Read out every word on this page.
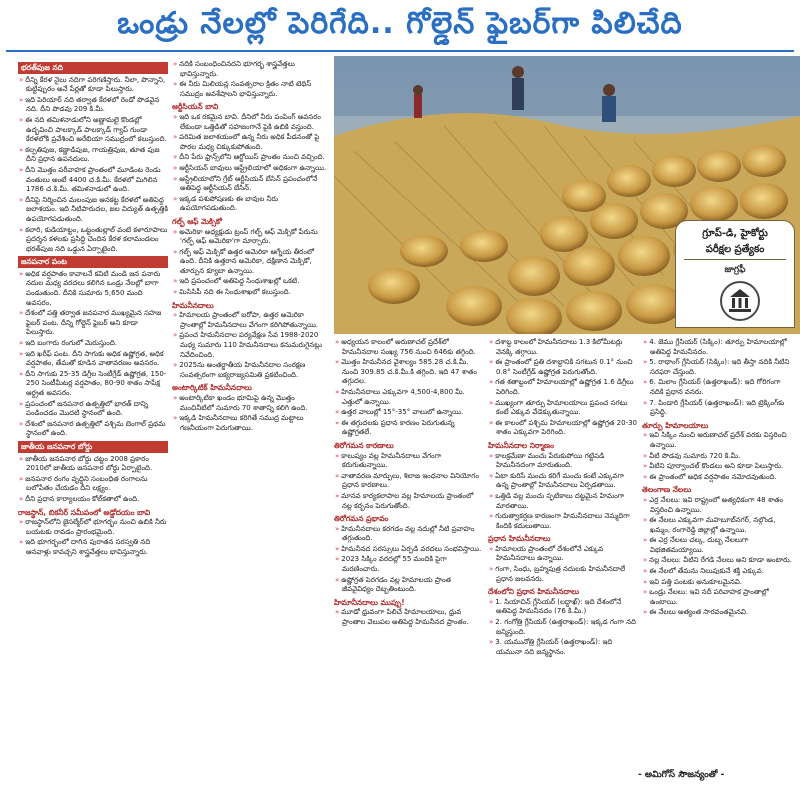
ఒండ్రు నేలల్లో పెరిగేది.. గోల్డెన్ ఫైబర్‌గా పిలిచేది
భరత్‌పుజ నది

» దీన్ని కేరళ నైలు నదిగా పరిగణిస్తారు. నీలా, పొన్నాని, కుట్టిప్పురం అనే పేర్లతో కూడా పిలుస్తారు.

» ఇది పెరియార్ నది తర్వాత కేరళలో రెండో పొడవైన నది. దీని పొడవు 209 కి.మీ.

» ఈ నది తమిళనాడులోని అణ్ణామలై కొండల్లో ఉద్భవించి పాలక్కాడ్ పాలక్కాడ్ గ్యాప్ గుండా కేరళలోకి ప్రవేశించి అరేబియా సముద్రంలో కలుస్తుంది.

» కల్పతిపుజ, కణ్ణాడిపుజ, గాయత్రిపుజ, తూత పుజ దీని ప్రధాన ఉపనదులు.

» దీని మొత్తం పరీవాహక ప్రాంతంలో మూడింట రెండు వంతులు అంటే 4400 చ.కి.మీ. కేరళలో మిగిలిన 1786 చ.కి.మీ. తమిళనాడులో ఉంది.

» దీనిపై నిర్మించిన మలంపుజ ఆనకట్ట కేరళలో అతిపెద్ద జలాశయం. ఇది నీటిపారుదల, జల విద్యుత్ ఉత్పత్తికి ఉపయోగపడుతుంది.

» కలారి, కుడియాట్టం, ఒట్టంతుల్లాల్ వంటి కళారూపాలు ప్రదర్శన కళలకు ప్రసిద్ధి చెందిన కేరళ కలామండలం భరత్‌పుజ నది ఒడ్డున ఏర్పాటైంది.

జనపనార పంట

» అధిక వర్షపాతం కావాలనే కవిటి మండి జన పనారు నదుల మధ్య వరదలు కలిగిన ఒండ్రు నేలల్లో బాగా పండుతుంది. దీనికి సుమారు 5,650 మంది అవసరం.

» దేశంలో పత్తి తర్వాత జనపనార ముఖ్యమైన సహజ ఫైబర్ పంట. దీన్ని గోల్డెన్ ఫైబర్ అని కూడా పిలుస్తారు.

» ఇది బంగారు రంగులో మెరుస్తుంది.

» ఇది ఖరీఫ్ పంట. దీని సాగుకు అధిక ఉష్ణోగ్రత, అధిక వర్షపాతం, తేమతో కూడిన వాతావరణం అవసరం.

» దీని సాగుకు 25-35 డిగ్రీల సెంటీగ్రేడ్ ఉష్ణోగ్రత, 150-250 సెంటీమీటర్ల వర్షపాతం, 80-90 శాతం సాపేక్ష ఆర్ద్రత అవసరం.

» ప్రపంచంలో జనపనార ఉత్పత్తిలో భారత్ దాన్ని పండించడం మొదటి స్థానంలో ఉంది.

» దేశంలో జనపనార ఉత్పత్తిలో పశ్చిమ బెంగాల్ ప్రథమ స్థానంలో ఉంది.

జాతీయ జనపనార బోర్డు

» జాతీయ జనపనార బోర్డు చట్టం 2008 ప్రకారం 2010లో జాతీయ జనపనార బోర్డు ఏర్పాటైంది.

» జనపనార రంగం వృద్ధిని సంబంధిత రంగాలను బలోపేతం చేయడం దీని లక్ష్యం.

» దీని ప్రధాన కార్యాలయం కోల్‌కతాలో ఉంది.

రాజస్థాన్, బికనీర్ సమీపంలో అడ్డోదయం బావి

» రాజస్థాన్‌లోని జైసల్మేర్‌లో భూగర్భం నుంచి ఉబికి నీరు బయటకు రావడం ప్రారంభమైంది.

» ఇది భూగర్భంలో దాగిన పురాతన సరస్వతి నది ఆనవాళ్లు కావచ్చని శాస్త్రవేత్తలు భావిస్తున్నారు.

» నదికి సంబంధించినదని భూగర్భ శాస్త్రవేత్తలు భావిస్తున్నారు.

» ఈ నీరు మిలియన్ల సంవత్సరాల క్రితం నాటి టెథిస్ సముద్రం అవశేషాలని భావిస్తున్నారు.

ఆర్టీసియన్ బావి

» ఇది ఒక రకమైన బావి. దీనిలో నీరు పంపింగ్ అవసరం లేకుండా ఒత్తిడితో సహజంగానే పైకి ఉబికి వస్తుంది.

» పరిమిత జలాశయంలో ఉన్న నీరు అధిక పీడనంతో పై పొరల మధ్య చిక్కుకుపోతుంది.

» దీని పేరు ఫ్రాన్స్‌లోని ఆర్టోయిస్ ప్రాంతం నుంచి వచ్చింది.

» ఆర్టీసియన్ బావులు ఆస్ట్రేలియాలో అధికంగా ఉన్నాయి.

» ఆస్ట్రేలియాలోని గ్రేట్ ఆర్టీసియన్ బేసిన్ ప్రపంచంలోనే అతిపెద్ద ఆర్టీసియన్ బేసిన్.

» ఇక్కడ పశుపోషణకు ఈ బావుల నీరు ఉపయోగపడుతుంది.

గల్ఫ్ ఆఫ్ మెక్సికో

» అమెరికా అధ్యక్షుడు ట్రంప్ గల్ఫ్ ఆఫ్ మెక్సికో పేరును 'గల్ఫ్ ఆఫ్ అమెరికా'గా మార్చారు.

» గల్ఫ్ ఆఫ్ మెక్సికో ఉత్తర అమెరికా ఆగ్నేయ తీరంలో ఉంది. దీనికి ఉత్తరాన అమెరికా, దక్షిణాన మెక్సికో, తూర్పున క్యూబా ఉన్నాయి.

» ఇది ప్రపంచంలో అతిపెద్ద సింధుశాఖల్లో ఒకటి.

» మిసిసిపీ నది ఈ సింధుశాఖలో కలుస్తుంది.

హిమనీనదాలు

» హిమాలయ ప్రాంతంలో ఐరోపా, ఉత్తర అమెరికా ప్రాంతాల్లో హిమనీనదాలు వేగంగా కరిగిపోతున్నాయి.

» ప్రపంచ హిమనీనదాల పర్యవేక్షణ సేవ 1988-2020 మధ్య సుమారు 110 హిమనీనదాలు కనుమరుగైనట్లు నివేదించింది.

» 2025ను అంతర్జాతీయ హిమనీనదాల సంరక్షణ సంవత్సరంగా ఐక్యరాజ్యసమితి ప్రకటించింది.

అంటార్కిటిక్ హిమనీనదాలు

» అంటార్కిటికా ఖండం భూమిపై ఉన్న మొత్తం మంచినీటిలో సుమారు 70 శాతాన్ని కలిగి ఉంది.

» ఇక్కడి హిమనీనదాలు కరిగితే సముద్ర మట్టాలు గణనీయంగా పెరుగుతాయి.

గ్రూప్-డి, హైకోర్టు
పరీక్షల ప్రత్యేకం
జాగ్రఫీ

» అధ్యయన కాలంలో అరుణాచల్ ప్రదేశ్‌లో హిమనీనదాల సంఖ్య 756 నుంచి 646కు తగ్గింది.

» మొత్తం హిమనీనద వైశాల్యం 585.28 చ.కి.మీ. నుంచి 309.85 చ.కి.మీ.కి తగ్గింది. ఇది 47 శాతం తగ్గుదల.

» హిమనీనదాలు ఎక్కువగా 4,500-4,800 మీ. ఎత్తులో ఉన్నాయి.

» ఉత్తర వాలుల్లో 15°-35° వాలులో ఉన్నాయి.

» ఈ తగ్గుదలకు ప్రధాన కారణం పెరుగుతున్న ఉష్ణోగ్రతలే.

తిరోగమన కారణాలు

» కాలుష్యం వల్ల హిమనీనదాలు వేగంగా కరుగుతున్నాయి.

» వాతావరణ మార్పులు, శిలాజ ఇంధనాల వినియోగం ప్రధాన కారణాలు.

» మానవ కార్యకలాపాల వల్ల హిమాలయ ప్రాంతంలో నల్ల కర్బనం పెరుగుతోంది.

తిరోగమన ప్రభావం

» హిమనీనదాలు కరగడం వల్ల నదుల్లో నీటి ప్రవాహం తగ్గుతుంది.

» హిమనీనద సరస్సులు ఏర్పడి వరదలు సంభవిస్తాయి.

» 2023 సిక్కిం వరదల్లో 55 మందికి పైగా మరణించారు.

» ఉష్ణోగ్రత పెరగడం వల్ల హిమాలయ ప్రాంత జీవవైవిధ్యం దెబ్బతింటుంది.

హిమానీనదాలు ముప్పు!

» మూడో ధ్రువంగా పిలిచే హిమాలయాలు, ధ్రువ ప్రాంతాల వెలుపల అతిపెద్ద హిమనీనద ప్రాంతం.

» దశాబ్ద కాలంలో హిమనీనదాలు 1.3 కిలోమీటర్లు వెనక్కి తగ్గాయి.

» ఈ ప్రాంతంలో ప్రతి దశాబ్దానికి సగటున 0.1° నుంచి 0.8° సెంటీగ్రేడ్ ఉష్ణోగ్రత పెరుగుతోంది.

» గత శతాబ్దంలో హిమాలయాల్లో ఉష్ణోగ్రత 1.6 డిగ్రీలు పెరిగింది.

» ముఖ్యంగా తూర్పు హిమాలయాలు ప్రపంచ సగటు కంటే ఎక్కువ వేడెక్కుతున్నాయి.

» ఈ కాలంలో పశ్చిమ హిమాలయాల్లో ఉష్ణోగ్రత 20-30 శాతం ఎక్కువగా పెరిగింది.

హిమనీనదాల నిర్మాణం

» కాలక్రమేణా మంచు పేరుకుపోయి గట్టిపడి హిమనీనదంగా మారుతుంది.

» ఏటా కురిసే మంచు కరిగే మంచు కంటే ఎక్కువగా ఉన్న ప్రాంతాల్లో హిమనీనదాలు ఏర్పడతాయి.

» ఒత్తిడి వల్ల మంచు స్ఫటికాలు దట్టమైన హిమంగా మారతాయి.

» గురుత్వాకర్షణ కారణంగా హిమనీనదాలు నెమ్మదిగా కిందికి కదులుతాయి.

ప్రధాన హిమనీనదాలు

» హిమాలయ ప్రాంతంలో దేశంలోనే ఎక్కువ హిమనీనదాలు ఉన్నాయి.

» గంగా, సింధు, బ్రహ్మపుత్ర నదులకు హిమనీనదాలే ప్రధాన జలవనరు.

దేశంలోని ప్రధాన హిమనీనదాలు

» 1. సియాచిన్ గ్లేసియర్ (లద్దాఖ్): ఇది దేశంలోనే అతిపెద్ద హిమనీనదం (76 కి.మీ.)

» 2. గంగోత్రి గ్లేసియర్ (ఉత్తరాఖండ్): ఇక్కడ గంగా నది జన్మిస్తుంది.

» 3. యమునోత్రి గ్లేసియర్ (ఉత్తరాఖండ్): ఇది యమునా నది జన్మస్థానం.

» 4. జెము గ్లేసియర్ (సిక్కిం): తూర్పు హిమాలయాల్లో అతిపెద్ద హిమనీనదం.

» 5. రాథాంగ్ గ్లేసియర్ (సిక్కిం): ఇది తీస్తా నదికి నీటిని సరఫరా చేస్తుంది.

» 6. మిలాం గ్లేసియర్ (ఉత్తరాఖండ్): ఇది గోరిగంగా నదికి ప్రధాన వనరు.

» 7. పిండారి గ్లేసియర్ (ఉత్తరాఖండ్): ఇది ట్రెక్కింగ్‌కు ప్రసిద్ధి.

తూర్పు హిమాలయాలు

» ఇవి సిక్కిం నుంచి అరుణాచల్ ప్రదేశ్ వరకు విస్తరించి ఉన్నాయి.

» వీటి పొడవు సుమారు 720 కి.మీ.

» వీటిని పూర్వాంచల్ కొండలు అని కూడా పిలుస్తారు.

» ఈ ప్రాంతంలో అధిక వర్షపాతం నమోదవుతుంది.

తెలంగాణ నేలలు

» ఎర్ర నేలలు: ఇవి రాష్ట్రంలో అత్యధికంగా 48 శాతం విస్తరించి ఉన్నాయి.

» ఈ నేలలు ఎక్కువగా మహబూబ్‌నగర్, నల్గొండ, ఖమ్మం, రంగారెడ్డి జిల్లాల్లో ఉన్నాయి.

» ఈ ఎర్ర నేలలు చల్క, దుబ్బ నేలలుగా విభజితమయ్యాయి.

» నల్ల నేలలు: వీటిని రేగడి నేలలు అని కూడా అంటారు.

» ఈ నేలలో తేమను నిలుపుకునే శక్తి ఎక్కువ.

» ఇవి పత్తి పంటకు అనుకూలమైనవి.

» ఒండ్రు నేలలు: ఇవి నదీ పరివాహక ప్రాంతాల్లో ఉంటాయి.

» ఈ నేలలు అత్యంత సారవంతమైనవి.

- అమిగోస్ సౌజన్యంతో -
